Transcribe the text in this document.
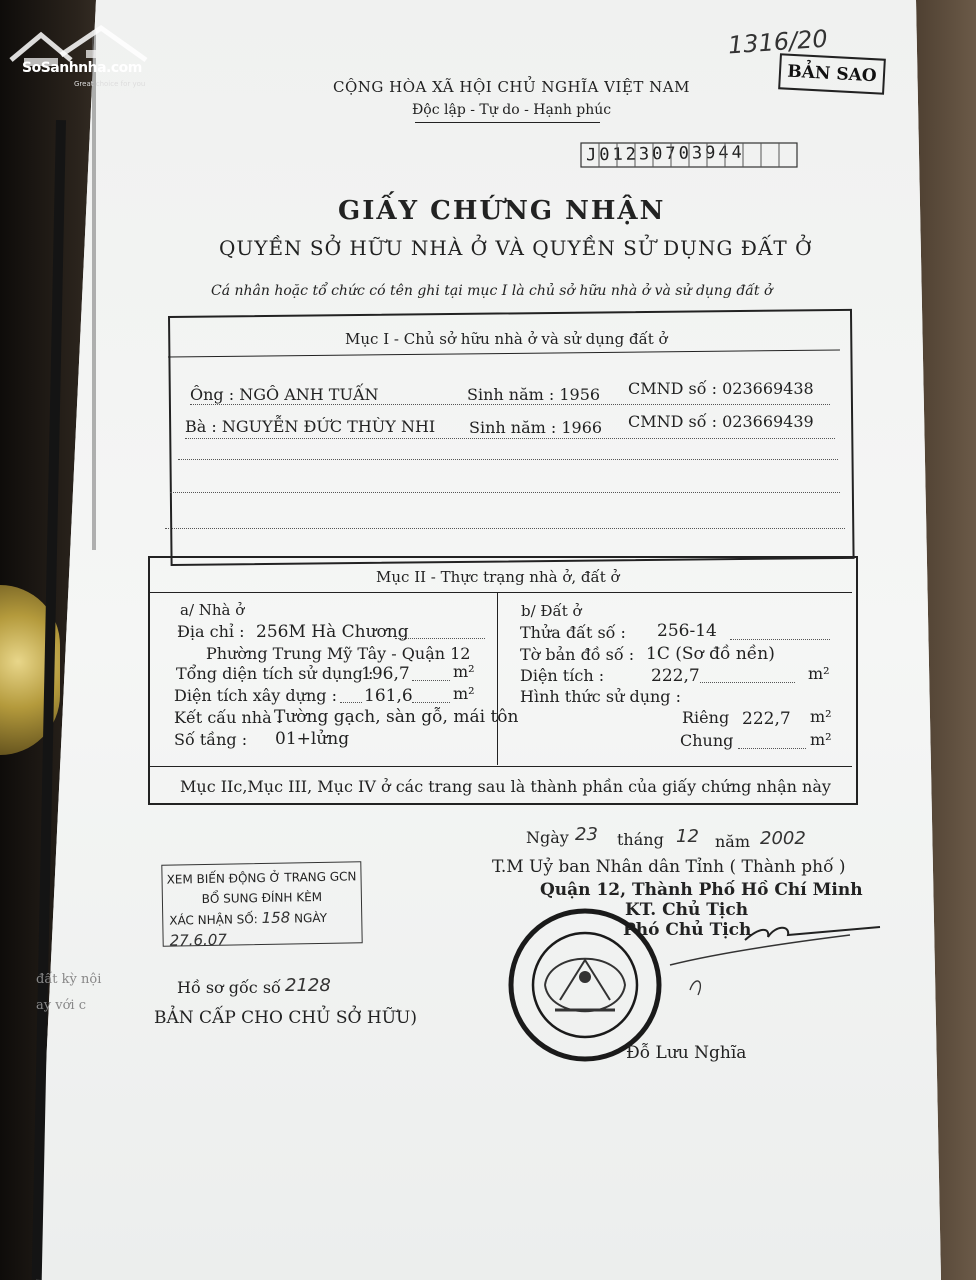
SoSanhnha.com
Great choice for you
1316/20
BẢN SAO
CỘNG HÒA XÃ HỘI CHỦ NGHĨA VIỆT NAM
Độc lập - Tự do - Hạnh phúc
J01230703944
GIẤY CHỨNG NHẬN
QUYỀN SỞ HỮU NHÀ Ở VÀ QUYỀN SỬ DỤNG ĐẤT Ở
Cá nhân hoặc tổ chức có tên ghi tại mục I là chủ sở hữu nhà ở và sử dụng đất ở
Mục I - Chủ sở hữu nhà ở và sử dụng đất ở
Ông : NGÔ ANH TUẤN	Sinh năm : 1956 CMND số : 023669438
Bà : NGUYỄN ĐỨC THÙY NHI Sinh năm : 1966 CMND số : 023669439
Mục II - Thực trạng nhà ở, đất ở
a/ Nhà ở
Địa chỉ : 256M Hà Chương
Phường Trung Mỹ Tây - Quận 12
Tổng diện tích sử dụng :
196,7	m²
Diện tích xây dựng : 161,6	m²
Kết cấu nhà :
Tường gạch, sàn gỗ, mái tôn
Số tầng : 01+lửng
b/ Đất ở
Thửa đất số : 256-14
Tờ bản đồ số : 1C (Sơ đồ nền)
Diện tích :	222,7	m²
Hình thức sử dụng :
Riêng 222,7 m²
Chung	m²
Mục IIc,Mục III, Mục IV ở các trang sau là thành phần của giấy chứng nhận này
Ngày 23 tháng 12 năm 2002
T.M Uỷ ban Nhân dân Tỉnh ( Thành phố )
Quận 12, Thành Phố Hồ Chí Minh
KT. Chủ Tịch
Phó Chủ Tịch
Đỗ Lưu Nghĩa
XEM BIẾN ĐỘNG Ở TRANG GCN
BỔ SUNG ĐÍNH KÈM
XÁC NHẬN SỐ: 158 NGÀY 27.6.07
Hồ sơ gốc số 2128
BẢN CẤP CHO CHỦ SỞ HỮU)
đất kỳ nội
ay với c
